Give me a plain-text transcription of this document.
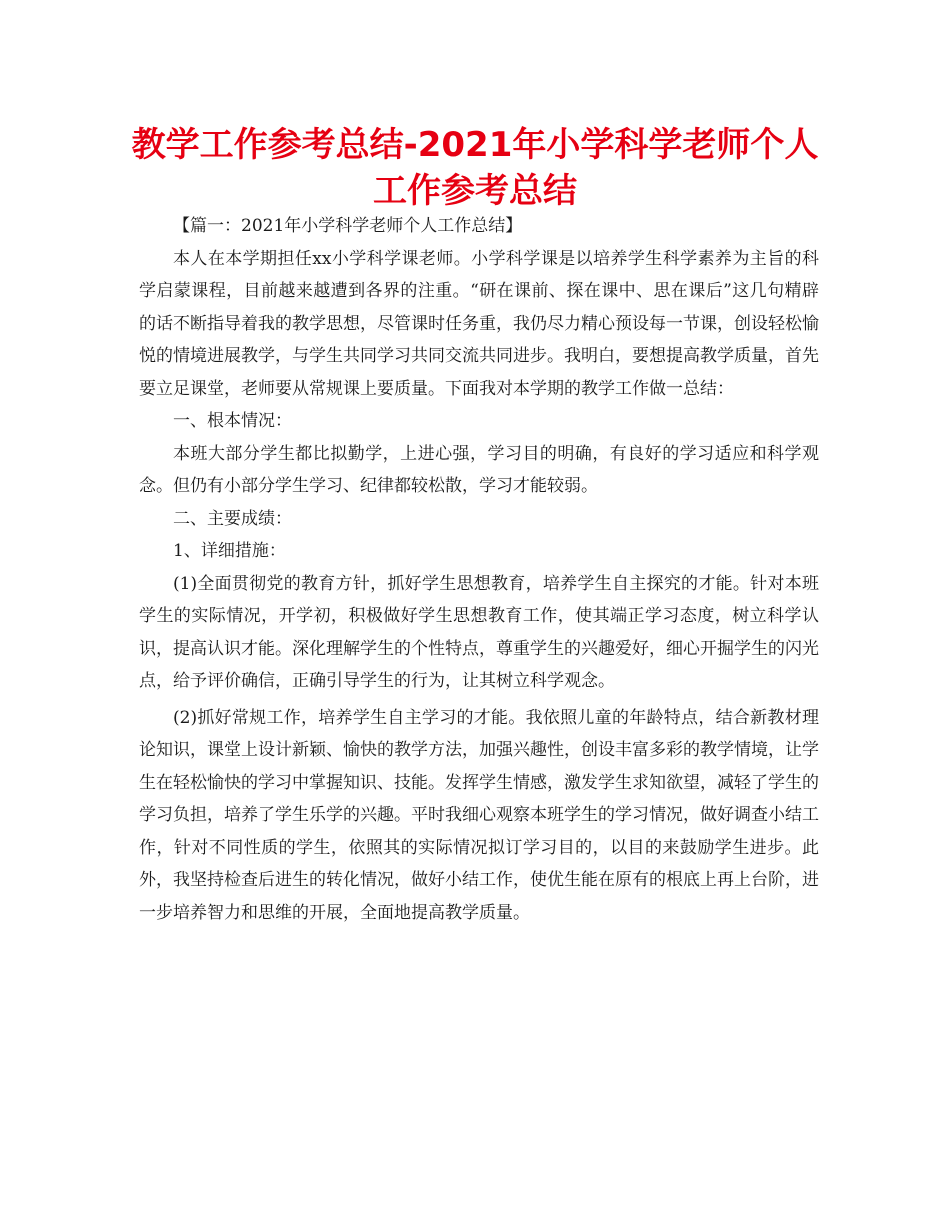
教学工作参考总结-2021年小学科学老师个人工作参考总结

【篇一：2021年小学科学老师个人工作总结】

本人在本学期担任xx小学科学课老师。小学科学课是以培养学生科学素养为主旨的科学启蒙课程，目前越来越遭到各界的注重。“研在课前、探在课中、思在课后”这几句精辟的话不断指导着我的教学思想，尽管课时任务重，我仍尽力精心预设每一节课，创设轻松愉悦的情境进展教学，与学生共同学习共同交流共同进步。我明白，要想提高教学质量，首先要立足课堂，老师要从常规课上要质量。下面我对本学期的教学工作做一总结：

一、根本情况：

本班大部分学生都比拟勤学，上进心强，学习目的明确，有良好的学习适应和科学观念。但仍有小部分学生学习、纪律都较松散，学习才能较弱。

二、主要成绩：

1、详细措施：

(1)全面贯彻党的教育方针，抓好学生思想教育，培养学生自主探究的才能。针对本班学生的实际情况，开学初，积极做好学生思想教育工作，使其端正学习态度，树立科学认识，提高认识才能。深化理解学生的个性特点，尊重学生的兴趣爱好，细心开掘学生的闪光点，给予评价确信，正确引导学生的行为，让其树立科学观念。

(2)抓好常规工作，培养学生自主学习的才能。我依照儿童的年龄特点，结合新教材理论知识，课堂上设计新颖、愉快的教学方法，加强兴趣性，创设丰富多彩的教学情境，让学生在轻松愉快的学习中掌握知识、技能。发挥学生情感，激发学生求知欲望，减轻了学生的学习负担，培养了学生乐学的兴趣。平时我细心观察本班学生的学习情况，做好调查小结工作，针对不同性质的学生，依照其的实际情况拟订学习目的，以目的来鼓励学生进步。此外，我坚持检查后进生的转化情况，做好小结工作，使优生能在原有的根底上再上台阶，进一步培养智力和思维的开展，全面地提高教学质量。
